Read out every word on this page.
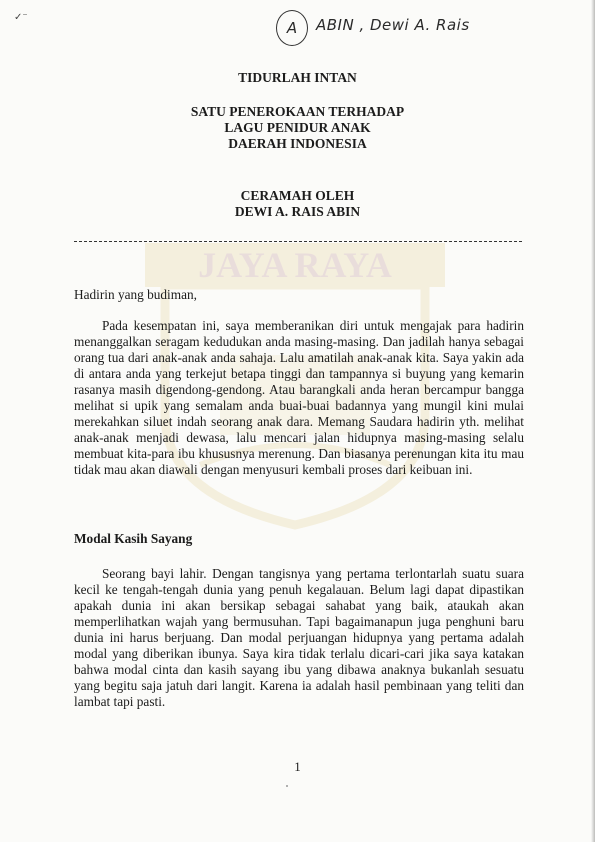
✓⁻
A	ABIN , Dewi A. Rais
JAYA RAYA
TIDURLAH INTAN
SATU PENEROKAAN TERHADAP
LAGU PENIDUR ANAK
DAERAH INDONESIA
CERAMAH OLEH
DEWI A. RAIS ABIN
Hadirin yang budiman,

Pada kesempatan ini, saya memberanikan diri untuk mengajak para hadirin menanggalkan seragam kedudukan anda masing-masing. Dan jadilah hanya sebagai orang tua dari anak-anak anda sahaja. Lalu amatilah anak-anak kita. Saya yakin ada di antara anda yang terkejut betapa tinggi dan tampannya si buyung yang kemarin rasanya masih digendong-gendong. Atau barangkali anda heran bercampur bangga melihat si upik yang semalam anda buai-buai badannya yang mungil kini mulai merekahkan siluet indah seorang anak dara. Memang Saudara hadirin yth. melihat anak-anak menjadi dewasa, lalu mencari jalan hidupnya masing-masing selalu membuat kita-para ibu khususnya merenung. Dan biasanya perenungan kita itu mau tidak mau akan diawali dengan menyusuri kembali proses dari keibuan ini.

Modal Kasih Sayang

Seorang bayi lahir. Dengan tangisnya yang pertama terlontarlah suatu suara kecil ke tengah-tengah dunia yang penuh kegalauan. Belum lagi dapat dipastikan apakah dunia ini akan bersikap sebagai sahabat yang baik, ataukah akan memperlihatkan wajah yang bermusuhan. Tapi bagaimanapun juga penghuni baru dunia ini harus berjuang. Dan modal perjuangan hidupnya yang pertama adalah modal yang diberikan ibunya. Saya kira tidak terlalu dicari-cari jika saya katakan bahwa modal cinta dan kasih sayang ibu yang dibawa anaknya bukanlah sesuatu yang begitu saja jatuh dari langit. Karena ia adalah hasil pembinaan yang teliti dan lambat tapi pasti.

1
